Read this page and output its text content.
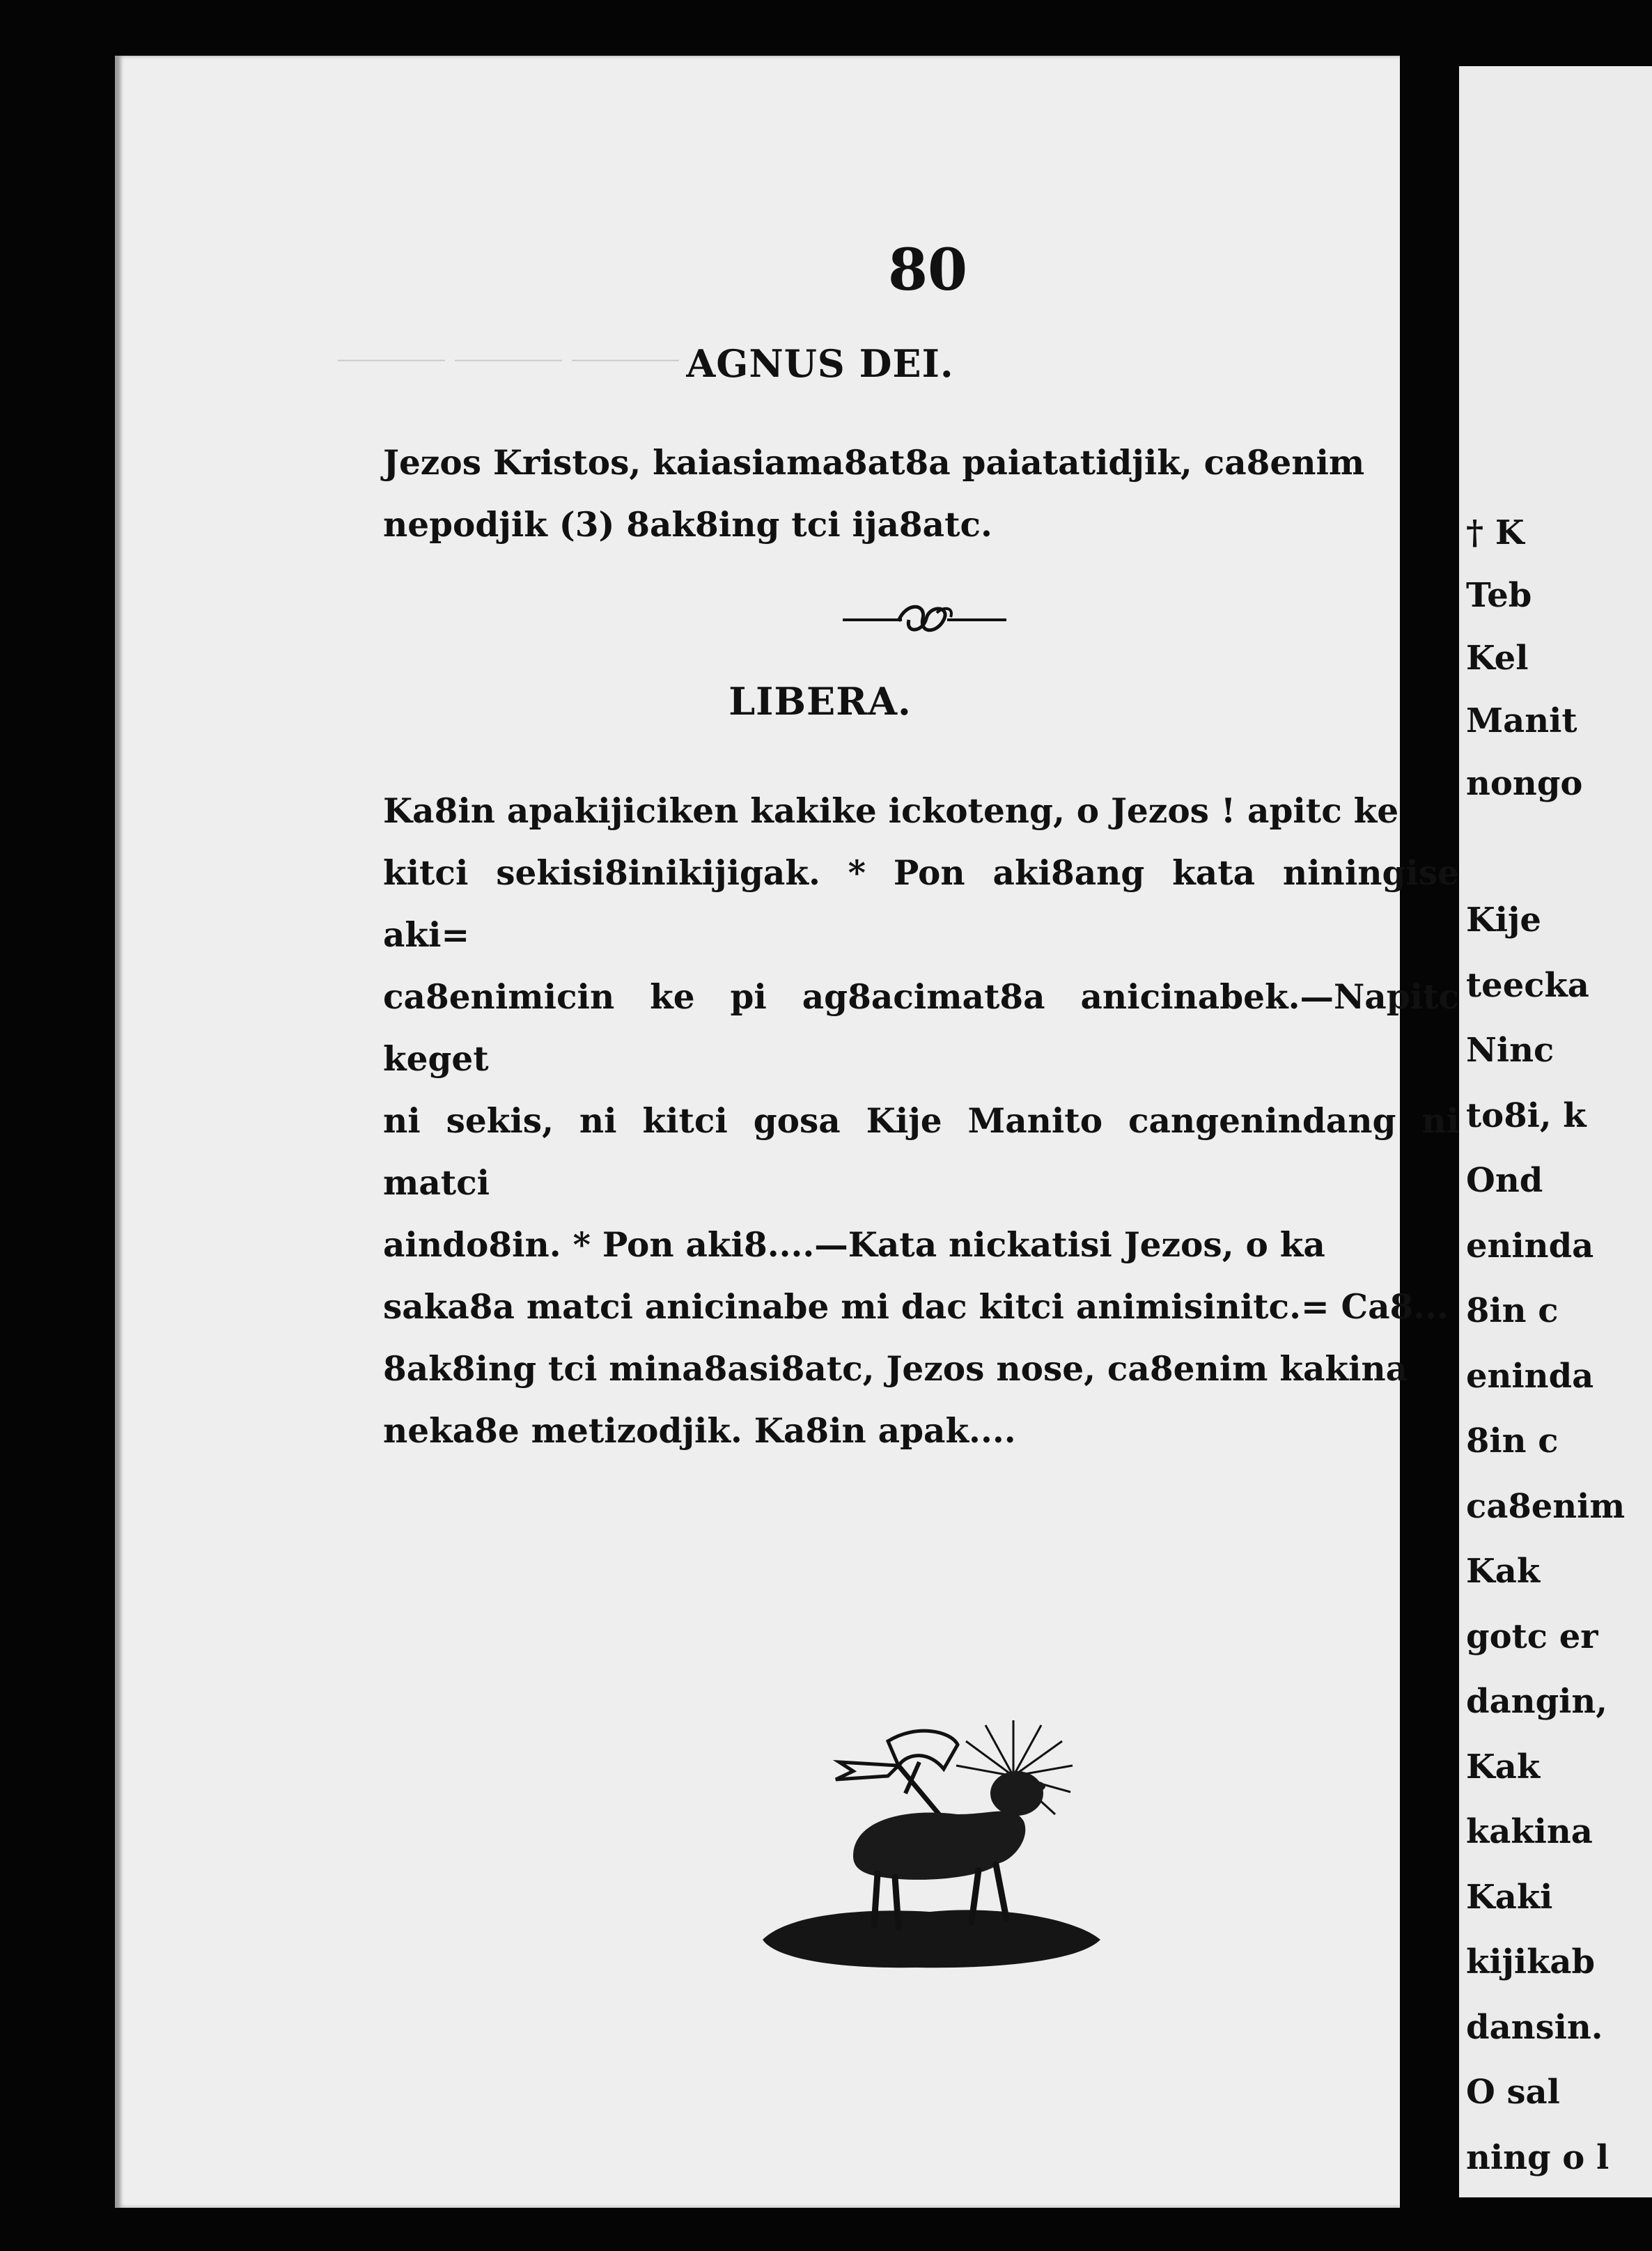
_______ _______ _______

80
AGNUS DEI.
Jezos Kristos, kaiasiama8at8a paiatatidjik, ca8enim
nepodjik (3) 8ak8ing tci ija8atc.
LIBERA.
Ka8in apakijiciken kakike ickoteng, o Jezos ! apitc ke
kitci sekisi8inikijigak. * Pon aki8ang kata niningise aki=
ca8enimicin ke pi ag8acimat8a anicinabek.—Napitc keget
ni sekis, ni kitci gosa Kije Manito cangenindang ni matci
aindo8in. * Pon aki8....—Kata nickatisi Jezos, o ka
saka8a matci anicinabe mi dac kitci animisinitc.= Ca8...
8ak8ing tci mina8asi8atc, Jezos nose, ca8enim kakina
neka8e metizodjik. Ka8in apak....
† K
Teb
Kel
Manit
nongo
Kije
teecka
Ninc
to8i, k
Ond
eninda
8in c
eninda
8in c
ca8enim
Kak
gotc er
dangin,
Kak
kakina
Kaki
kijikab
dansin.
O sal
ning o l
